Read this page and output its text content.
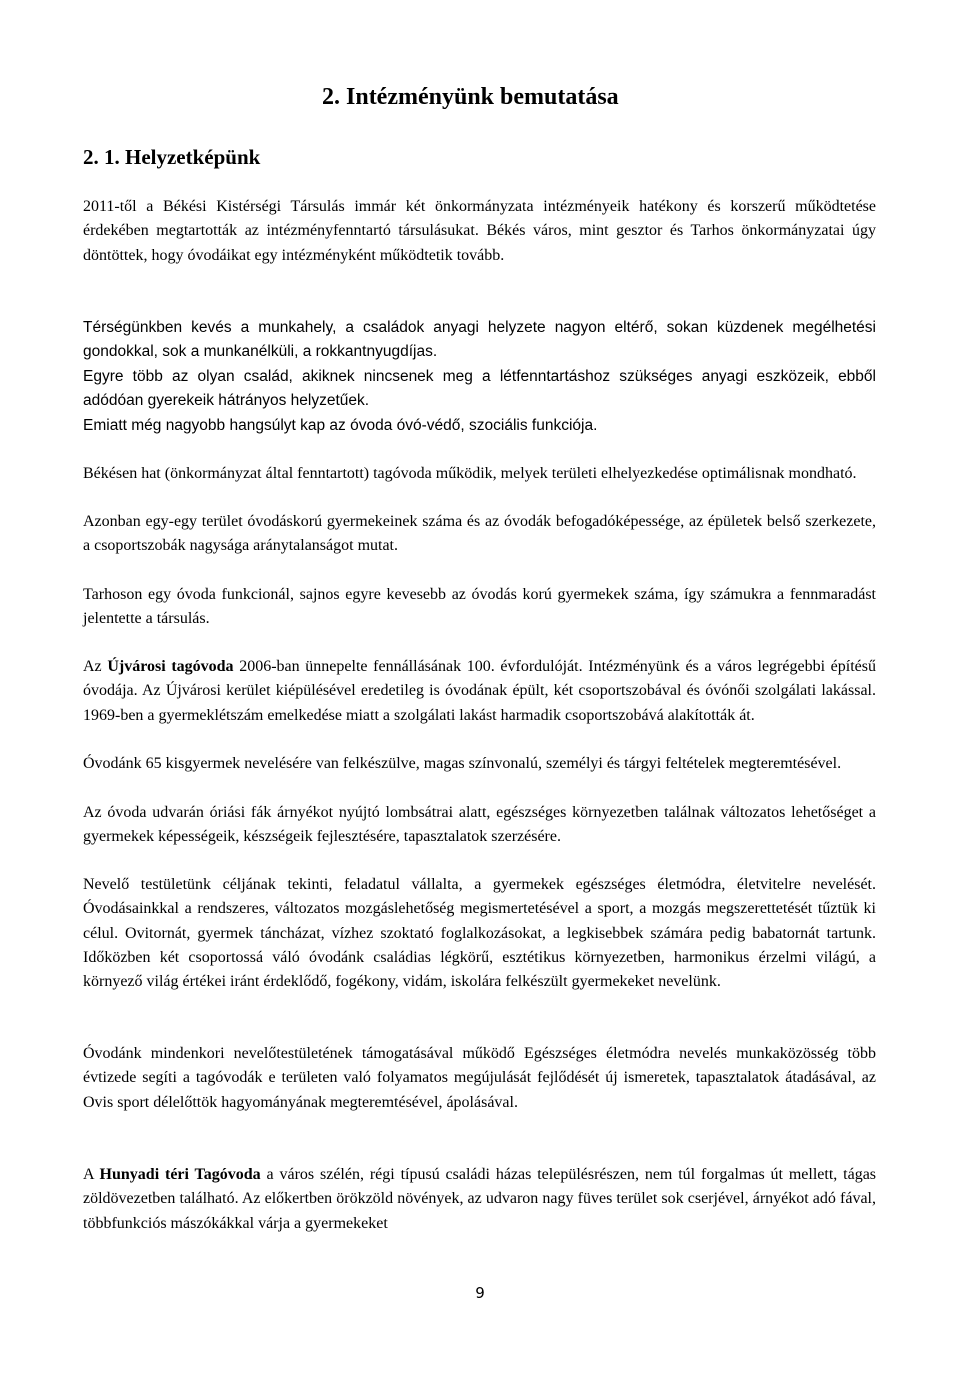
2. Intézményünk bemutatása
2. 1. Helyzetképünk

2011-től a Békési Kistérségi Társulás immár két önkormányzata intézményeik hatékony és korszerű működtetése érdekében megtartották az intézményfenntartó társulásukat. Békés város, mint gesztor és Tarhos önkormányzatai úgy döntöttek, hogy óvodáikat egy intézményként működtetik tovább.

Térségünkben kevés a munkahely, a családok anyagi helyzete nagyon eltérő, sokan küzdenek megélhetési gondokkal, sok a munkanélküli, a rokkantnyugdíjas.

Egyre több az olyan család, akiknek nincsenek meg a létfenntartáshoz szükséges anyagi eszközeik, ebből adódóan gyerekeik hátrányos helyzetűek.

Emiatt még nagyobb hangsúlyt kap az óvoda óvó-védő, szociális funkciója.

Békésen hat (önkormányzat által fenntartott) tagóvoda működik, melyek területi elhelyezkedése optimálisnak mondható.

Azonban egy-egy terület óvodáskorú gyermekeinek száma és az óvodák befogadóképessége, az épületek belső szerkezete, a csoportszobák nagysága aránytalanságot mutat.

Tarhoson egy óvoda funkcionál, sajnos egyre kevesebb az óvodás korú gyermekek száma, így számukra a fennmaradást jelentette a társulás.

Az Újvárosi tagóvoda 2006-ban ünnepelte fennállásának 100. évfordulóját. Intézményünk és a város legrégebbi építésű óvodája. Az Újvárosi kerület kiépülésével eredetileg is óvodának épült, két csoportszobával és óvónői szolgálati lakással. 1969-ben a gyermeklétszám emelkedése miatt a szolgálati lakást harmadik csoportszobává alakították át.

Óvodánk 65 kisgyermek nevelésére van felkészülve, magas színvonalú, személyi és tárgyi feltételek megteremtésével.

Az óvoda udvarán óriási fák árnyékot nyújtó lombsátrai alatt, egészséges környezetben találnak változatos lehetőséget a gyermekek képességeik, készségeik fejlesztésére, tapasztalatok szerzésére.

Nevelő testületünk céljának tekinti, feladatul vállalta, a gyermekek egészséges életmódra, életvitelre nevelését. Óvodásainkkal a rendszeres, változatos mozgáslehetőség megismertetésével a sport, a mozgás megszerettetését tűztük ki célul. Ovitornát, gyermek táncházat, vízhez szoktató foglalkozásokat, a legkisebbek számára pedig babatornát tartunk. Időközben két csoportossá váló óvodánk családias légkörű, esztétikus környezetben, harmonikus érzelmi világú, a környező világ értékei iránt érdeklődő, fogékony, vidám, iskolára felkészült gyermekeket nevelünk.

Óvodánk mindenkori nevelőtestületének támogatásával működő Egészséges életmódra nevelés munkaközösség több évtizede segíti a tagóvodák e területen való folyamatos megújulását fejlődését új ismeretek, tapasztalatok átadásával, az Ovis sport délelőttök hagyományának megteremtésével, ápolásával.

A Hunyadi téri Tagóvoda a város szélén, régi típusú családi házas településrészen, nem túl forgalmas út mellett, tágas zöldövezetben található. Az előkertben örökzöld növények, az udvaron nagy füves terület sok cserjével, árnyékot adó fával, többfunkciós mászókákkal várja a gyermekeket

9
